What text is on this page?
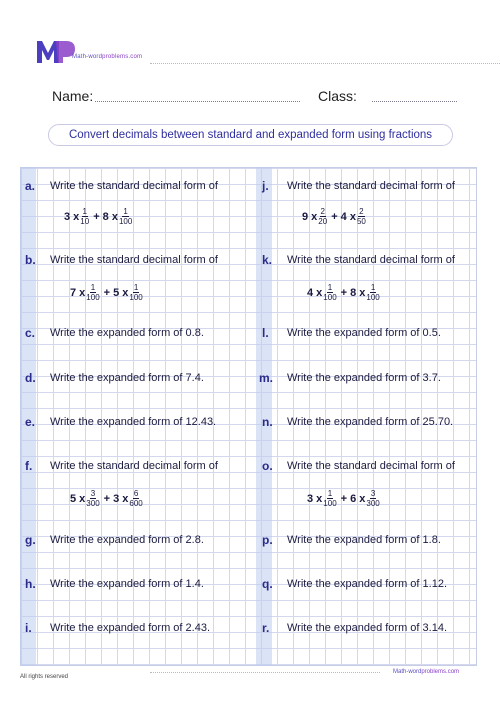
Math-wordproblems.com
Name:	Class:
Convert decimals between standard and expanded form using fractions
a. Write the standard decimal form of
3 x $\frac{1}{10} + 8$ x $\frac{1}{100}$
b. Write the standard decimal form of
7 x $\frac{1}{100} + 5$ x $\frac{1}{100}$
c. Write the expanded form of 0.8.
d. Write the expanded form of 7.4.
e. Write the expanded form of 12.43.
f. Write the standard decimal form of
5 x $\frac{3}{300} + 3$ x $\frac{6}{600}$
g. Write the expanded form of 2.8.
h. Write the expanded form of 1.4.
i. Write the expanded form of 2.43.
j. Write the standard decimal form of
9 x $\frac{2}{20} + 4$ x $\frac{2}{50}$
k. Write the standard decimal form of
4 x $\frac{1}{100} + 8$ x $\frac{1}{100}$
l. Write the expanded form of 0.5.
m. Write the expanded form of 3.7.
n. Write the expanded form of 25.70.
o. Write the standard decimal form of
3 x $\frac{1}{100} + 6$ x $\frac{3}{300}$
p. Write the expanded form of 1.8.
q. Write the expanded form of 1.12.
r. Write the expanded form of 3.14.
All rights reserved
Math-wordproblems.com
